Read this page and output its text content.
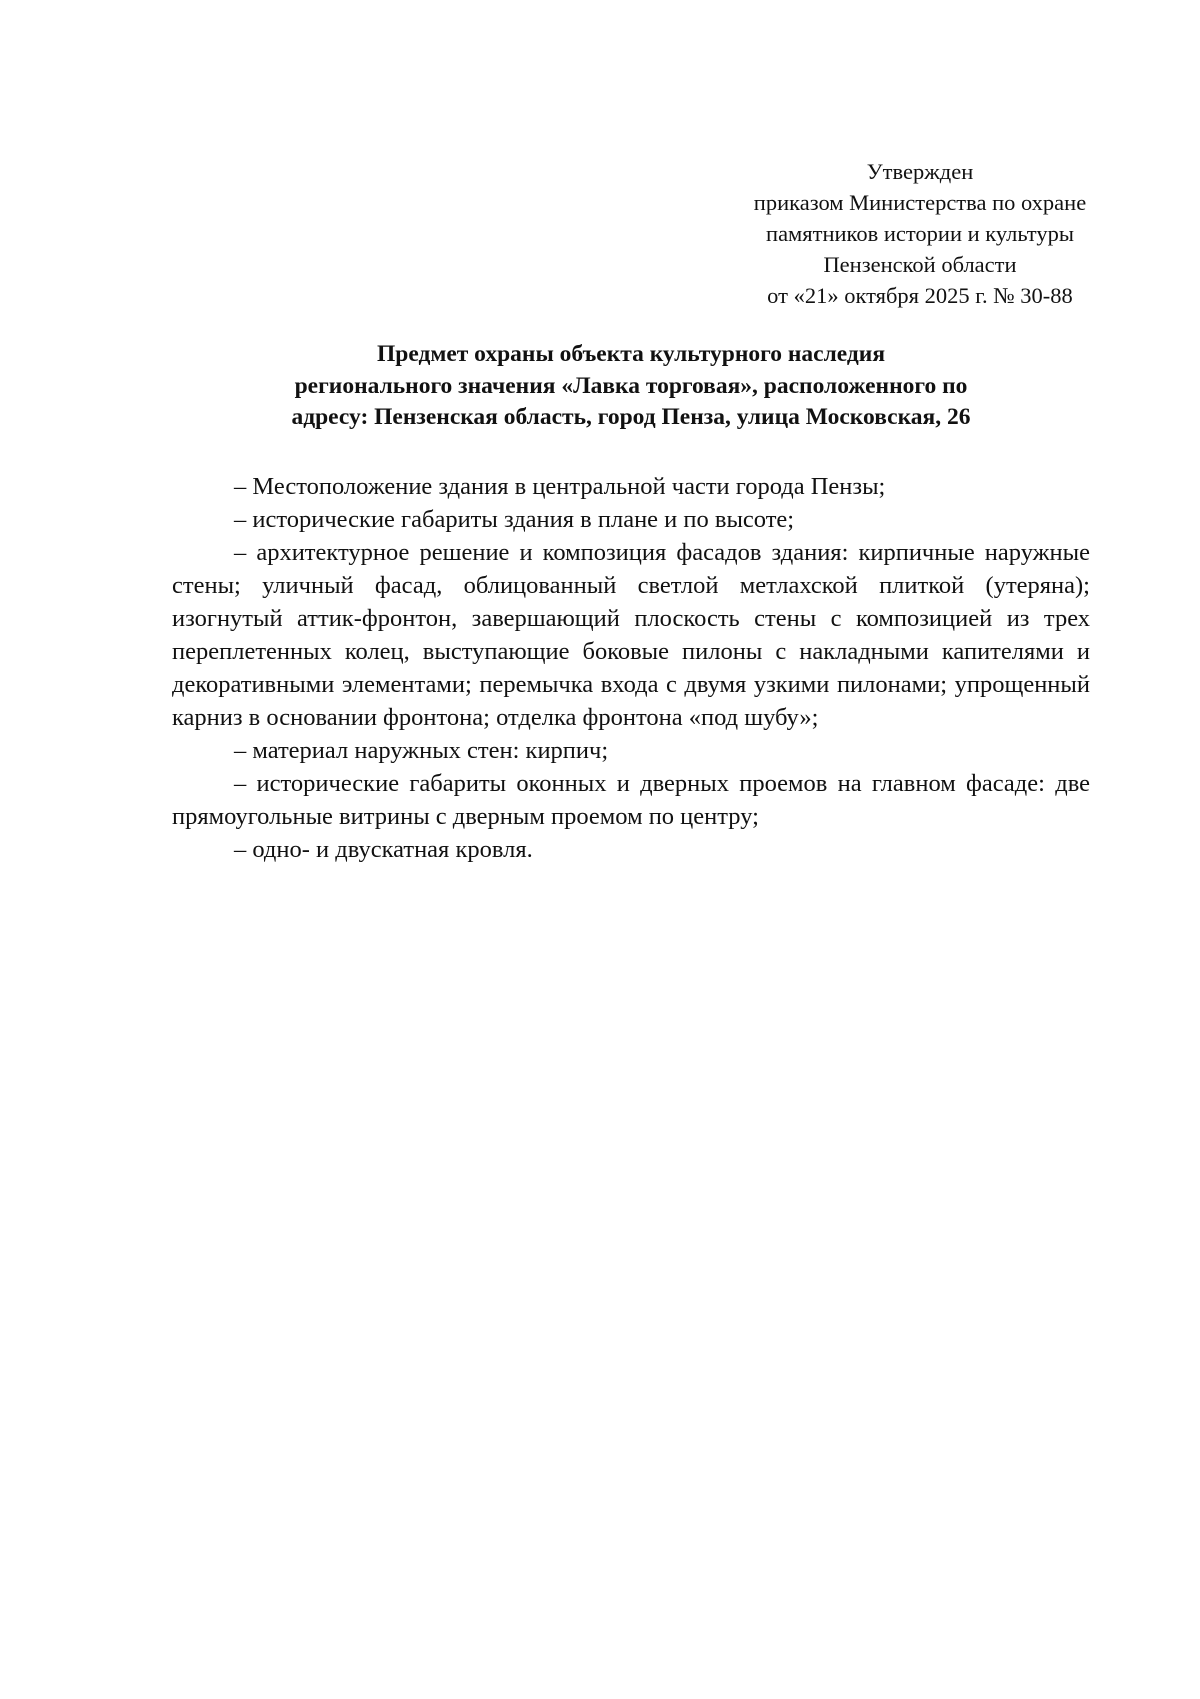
Утвержден
приказом Министерства по охране
памятников истории и культуры
Пензенской области
от «21» октября 2025 г. № 30-88
Предмет охраны объекта культурного наследия
регионального значения «Лавка торговая», расположенного по
адресу: Пензенская область, город Пенза, улица Московская, 26

– Местоположение здания в центральной части города Пензы;

– исторические габариты здания в плане и по высоте;

– архитектурное решение и композиция фасадов здания: кирпичные наружные стены; уличный фасад, облицованный светлой метлахской плиткой (утеряна); изогнутый аттик-фронтон, завершающий плоскость стены с композицией из трех переплетенных колец, выступающие боковые пилоны с накладными капителями и декоративными элементами; перемычка входа с двумя узкими пилонами; упрощенный карниз в основании фронтона; отделка фронтона «под шубу»;

– материал наружных стен: кирпич;

– исторические габариты оконных и дверных проемов на главном фасаде: две прямоугольные витрины с дверным проемом по центру;

– одно- и двускатная кровля.
